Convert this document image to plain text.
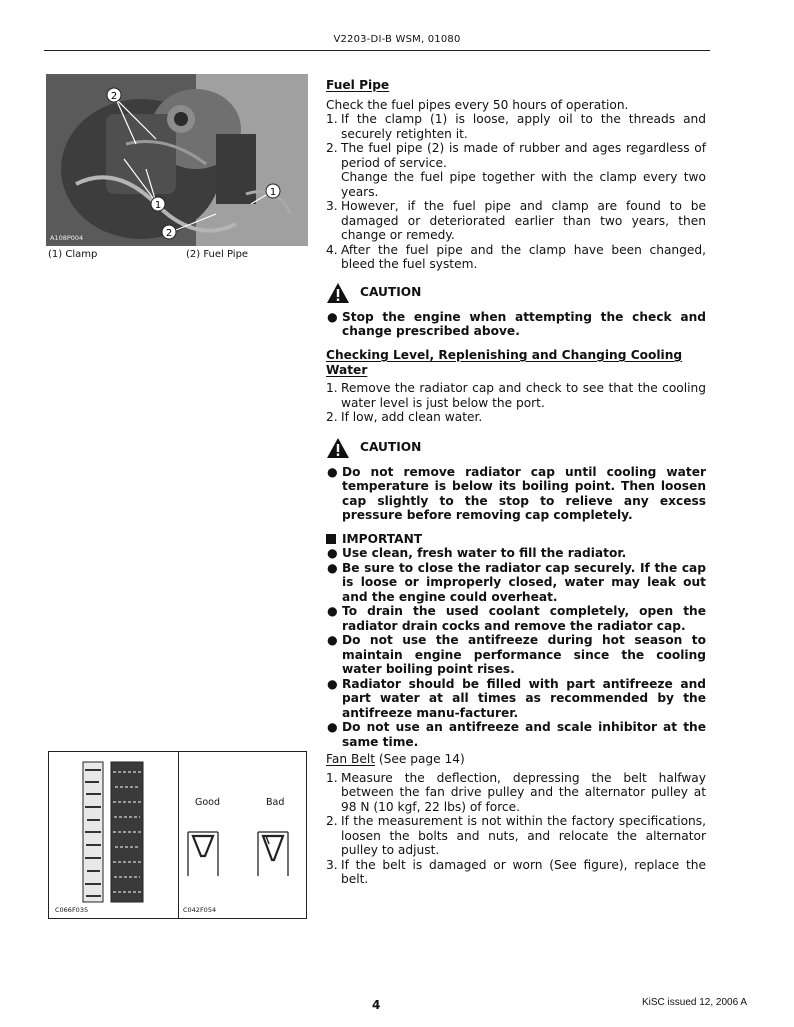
V2203-DI-B WSM, 01080
2
1
2
1
A108P004
(1) Clamp	(2) Fuel Pipe
Good	Bad
C066F035	C042F054
Fuel Pipe
Check the fuel pipes every 50 hours of operation.
1. If the clamp (1) is loose, apply oil to the threads and securely retighten it.
2. The fuel pipe (2) is made of rubber and ages regardless of period of service.
Change the fuel pipe together with the clamp every two years.
3. However, if the fuel pipe and clamp are found to be damaged or deteriorated earlier than two years, then change or remedy.
4. After the fuel pipe and the clamp have been changed, bleed the fuel system.
CAUTION
● Stop the engine when attempting the check and change prescribed above.
Checking Level, Replenishing and Changing Cooling Water
1. Remove the radiator cap and check to see that the cooling water level is just below the port.
2. If low, add clean water.
CAUTION
● Do not remove radiator cap until cooling water temperature is below its boiling point. Then loosen cap slightly to the stop to relieve any excess pressure before removing cap completely.
IMPORTANT
● Use clean, fresh water to fill the radiator.
● Be sure to close the radiator cap securely. If the cap is loose or improperly closed, water may leak out and the engine could overheat.
● To drain the used coolant completely, open the radiator drain cocks and remove the radiator cap.
● Do not use the antifreeze during hot season to maintain engine performance since the cooling water boiling point rises.
● Radiator should be filled with part antifreeze and part water at all times as recommended by the antifreeze manu-facturer.
● Do not use an antifreeze and scale inhibitor at the same time.
Fan Belt (See page 14)
1. Measure the deflection, depressing the belt halfway between the fan drive pulley and the alternator pulley at 98 N (10 kgf, 22 lbs) of force.
2. If the measurement is not within the factory specifications, loosen the bolts and nuts, and relocate the alternator pulley to adjust.
3. If the belt is damaged or worn (See figure), replace the belt.
4	KiSC issued 12, 2006 A
